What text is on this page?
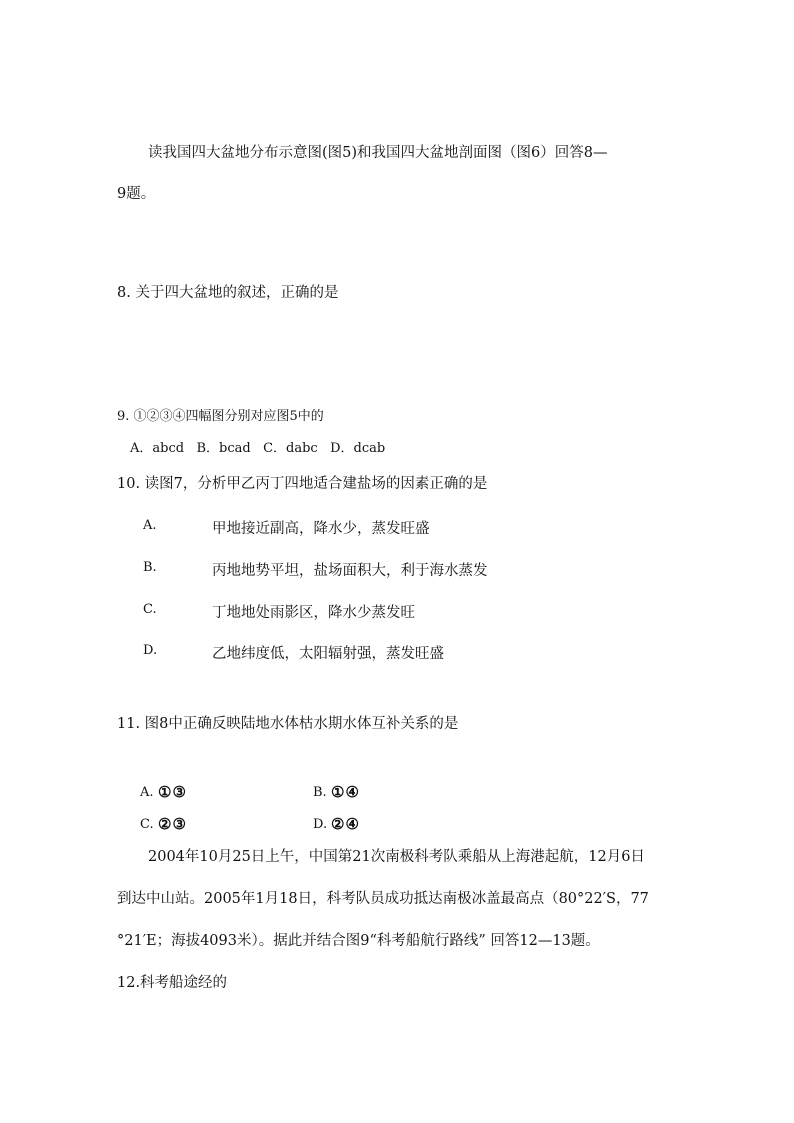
读我国四大盆地分布示意图(图5)和我国四大盆地剖面图（图6）回答8—
9题。
8. 关于四大盆地的叙述，正确的是
9. ①②③④四幅图分别对应图5中的
A．abcd   B．bcad   C．dabc   D．dcab
10. 读图7，分析甲乙丙丁四地适合建盐场的因素正确的是
A.	甲地接近副高，降水少，蒸发旺盛
B.	丙地地势平坦，盐场面积大，利于海水蒸发
C.	丁地地处雨影区，降水少蒸发旺
D.	乙地纬度低，太阳辐射强，蒸发旺盛
11. 图8中正确反映陆地水体枯水期水体互补关系的是
A. ①③	B. ①④
C. ②③	D. ②④
2004年10月25日上午，中国第21次南极科考队乘船从上海港起航，12月6日
到达中山站。2005年1月18日，科考队员成功抵达南极冰盖最高点（80°22′S，77
°21′E；海拔4093米）。据此并结合图9“科考船航行路线” 回答12—13题。
12.科考船途经的
